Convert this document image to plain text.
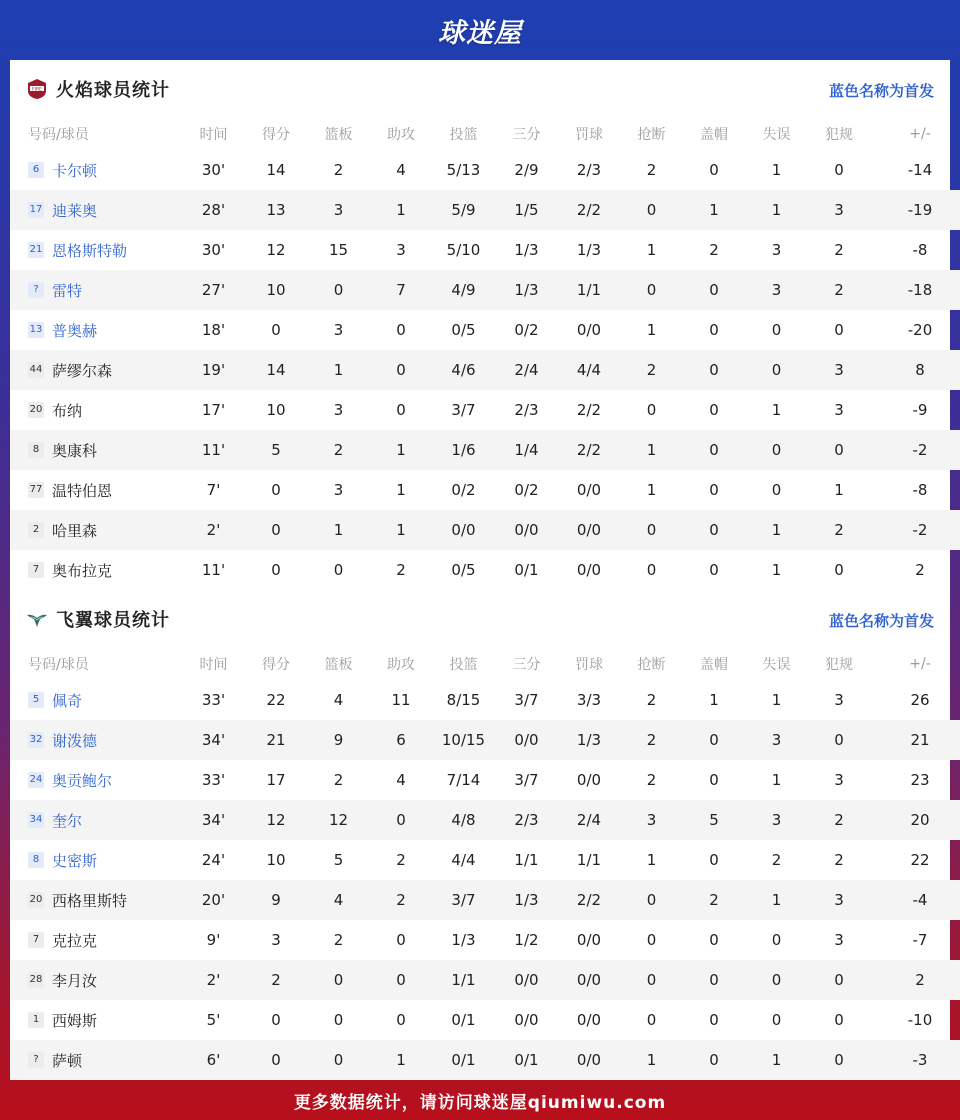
球迷屋
FIRE 火焰球员统计	蓝色名称为首发
号码/球员	时间	得分	篮板	助攻	投篮	三分	罚球	抢断	盖帽	失误	犯规	+/-
6 卡尔顿	30'	14	2	4	5/13	2/9	2/3	2	0	1	0	-14
17 迪莱奥	28'	13	3	1	5/9	1/5	2/2	0	1	1	3	-19
21 恩格斯特勒	30'	12	15	3	5/10	1/3	1/3	1	2	3	2	-8
? 雷特	27'	10	0	7	4/9	1/3	1/1	0	0	3	2	-18
13 普奥赫	18'	0	3	0	0/5	0/2	0/0	1	0	0	0	-20
44 萨缪尔森	19'	14	1	0	4/6	2/4	4/4	2	0	0	3	8
20 布纳	17'	10	3	0	3/7	2/3	2/2	0	0	1	3	-9
8 奥康科	11'	5	2	1	1/6	1/4	2/2	1	0	0	0	-2
77 温特伯恩	7'	0	3	1	0/2	0/2	0/0	1	0	0	1	-8
2 哈里森	2'	0	1	1	0/0	0/0	0/0	0	0	1	2	-2
7 奥布拉克	11'	0	0	2	0/5	0/1	0/0	0	0	1	0	2
飞翼球员统计	蓝色名称为首发
号码/球员	时间	得分	篮板	助攻	投篮	三分	罚球	抢断	盖帽	失误	犯规	+/-
5 佩奇	33'	22	4	11	8/15	3/7	3/3	2	1	1	3	26
32 谢泼德	34'	21	9	6	10/15	0/0	1/3	2	0	3	0	21
24 奥贡鲍尔	33'	17	2	4	7/14	3/7	0/0	2	0	1	3	23
34 奎尔	34'	12	12	0	4/8	2/3	2/4	3	5	3	2	20
8 史密斯	24'	10	5	2	4/4	1/1	1/1	1	0	2	2	22
20 西格里斯特	20'	9	4	2	3/7	1/3	2/2	0	2	1	3	-4
7 克拉克	9'	3	2	0	1/3	1/2	0/0	0	0	0	3	-7
28 李月汝	2'	2	0	0	1/1	0/0	0/0	0	0	0	0	2
1 西姆斯	5'	0	0	0	0/1	0/0	0/0	0	0	0	0	-10
? 萨顿	6'	0	0	1	0/1	0/1	0/0	1	0	1	0	-3
更多数据统计，请访问球迷屋qiumiwu.com
